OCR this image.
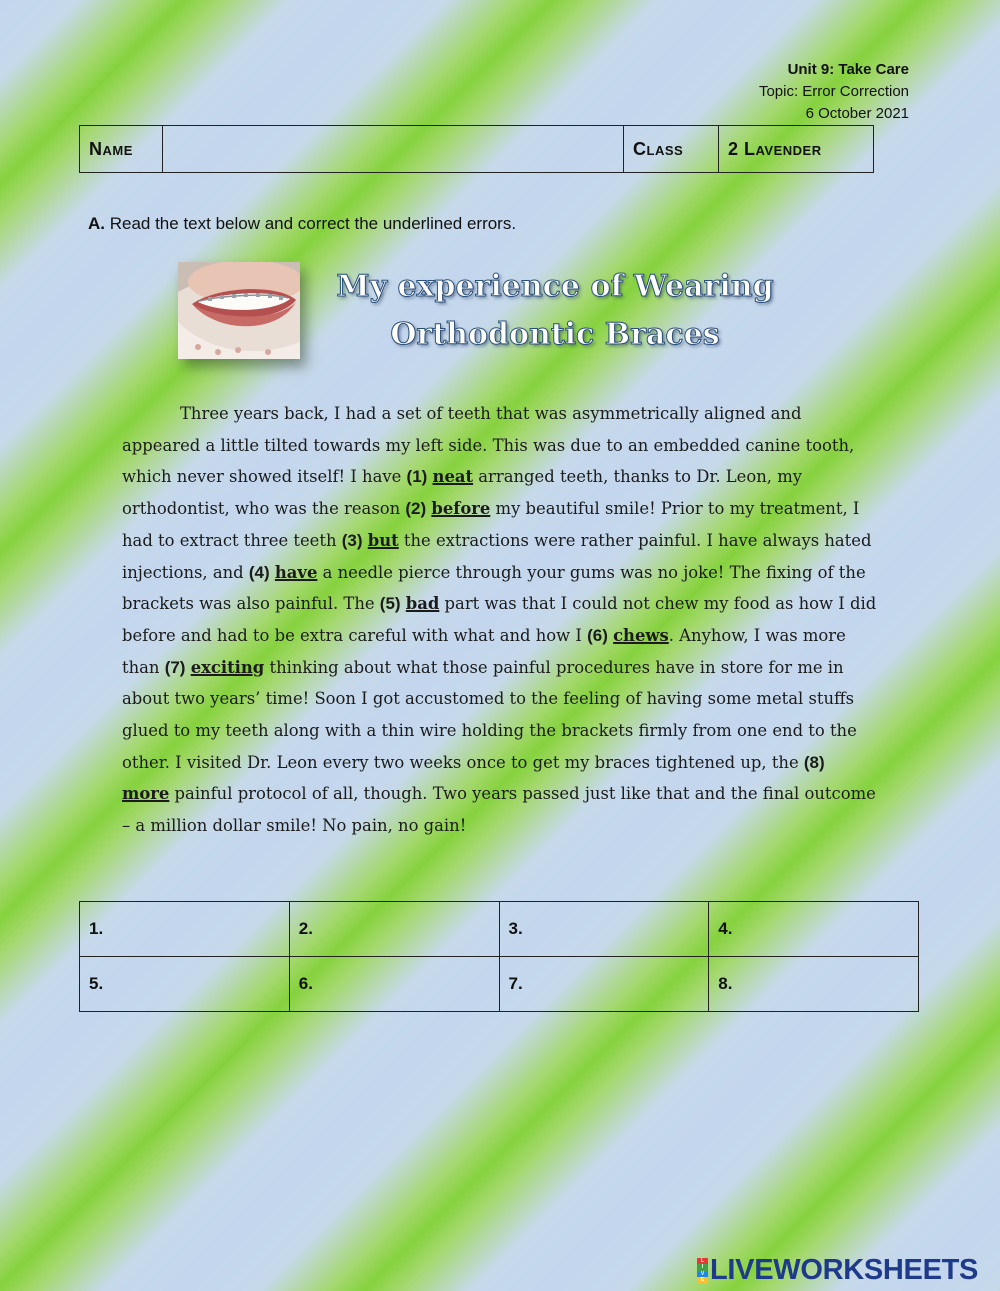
Unit 9: Take Care
Topic: Error Correction
6 October 2021
Name		Class	2 Lavender
A. Read the text below and correct the underlined errors.
My experience of Wearing
Orthodontic Braces

Three years back, I had a set of teeth that was asymmetrically aligned and appeared a little tilted towards my left side. This was due to an embedded canine tooth, which never showed itself! I have (1) neat arranged teeth, thanks to Dr. Leon, my orthodontist, who was the reason (2) before my beautiful smile! Prior to my treatment, I had to extract three teeth (3) but the extractions were rather painful. I have always hated injections, and (4) have a needle pierce through your gums was no joke! The fixing of the brackets was also painful. The (5) bad part was that I could not chew my food as how I did before and had to be extra careful with what and how I (6) chews. Anyhow, I was more than (7) exciting thinking about what those painful procedures have in store for me in about two years’ time! Soon I got accustomed to the feeling of having some metal stuffs glued to my teeth along with a thin wire holding the brackets firmly from one end to the other. I visited Dr. Leon every two weeks once to get my braces tightened up, the (8) more painful protocol of all, though. Two years passed just like that and the final outcome – a million dollar smile! No pain, no gain!

1.	2.	3.	4.
5.	6.	7.	8.
L
I
V
E LIVEWORKSHEETS
